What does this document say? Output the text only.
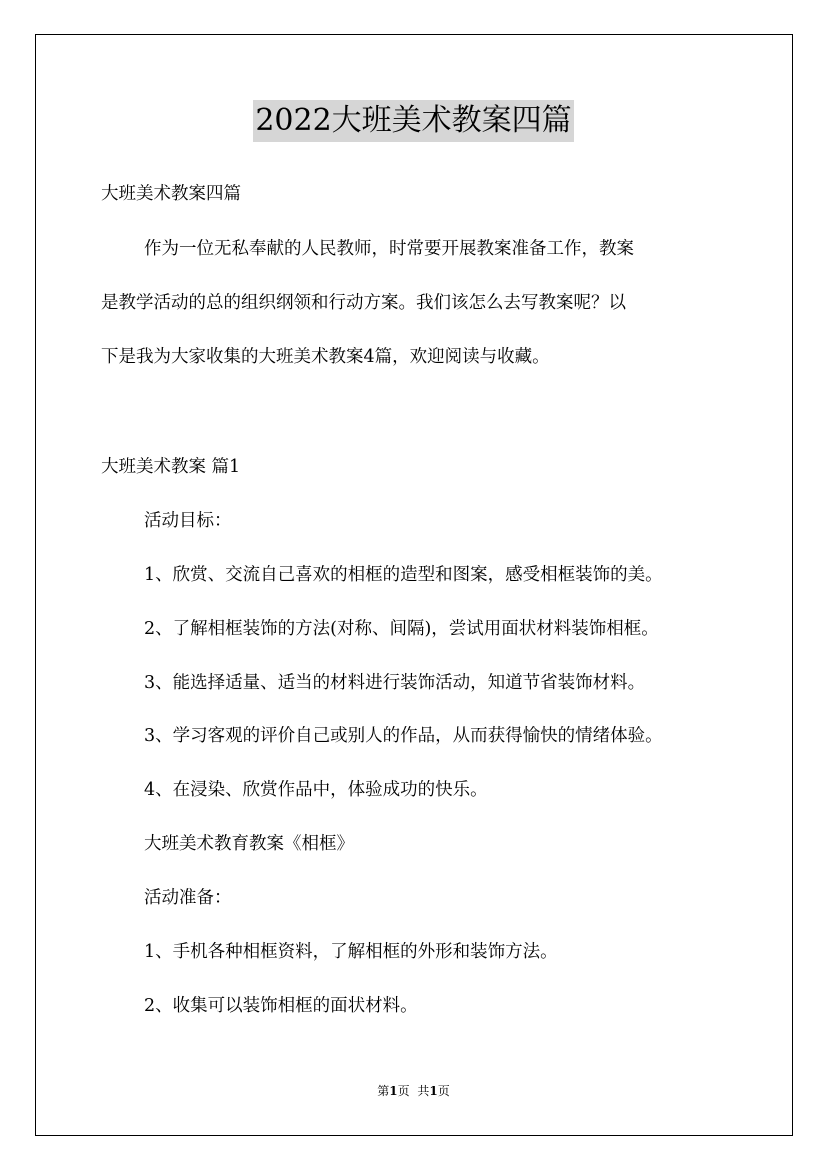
2022大班美术教案四篇
大班美术教案四篇
作为一位无私奉献的人民教师，时常要开展教案准备工作，教案
是教学活动的总的组织纲领和行动方案。我们该怎么去写教案呢？以
下是我为大家收集的大班美术教案4篇，欢迎阅读与收藏。
大班美术教案 篇1
活动目标：
1、欣赏、交流自己喜欢的相框的造型和图案，感受相框装饰的美。
2、了解相框装饰的方法(对称、间隔)，尝试用面状材料装饰相框。
3、能选择适量、适当的材料进行装饰活动，知道节省装饰材料。
3、学习客观的评价自己或别人的作品，从而获得愉快的情绪体验。
4、在浸染、欣赏作品中，体验成功的快乐。
大班美术教育教案《相框》
活动准备：
1、手机各种相框资料，了解相框的外形和装饰方法。
2、收集可以装饰相框的面状材料。
第1页 共1页
